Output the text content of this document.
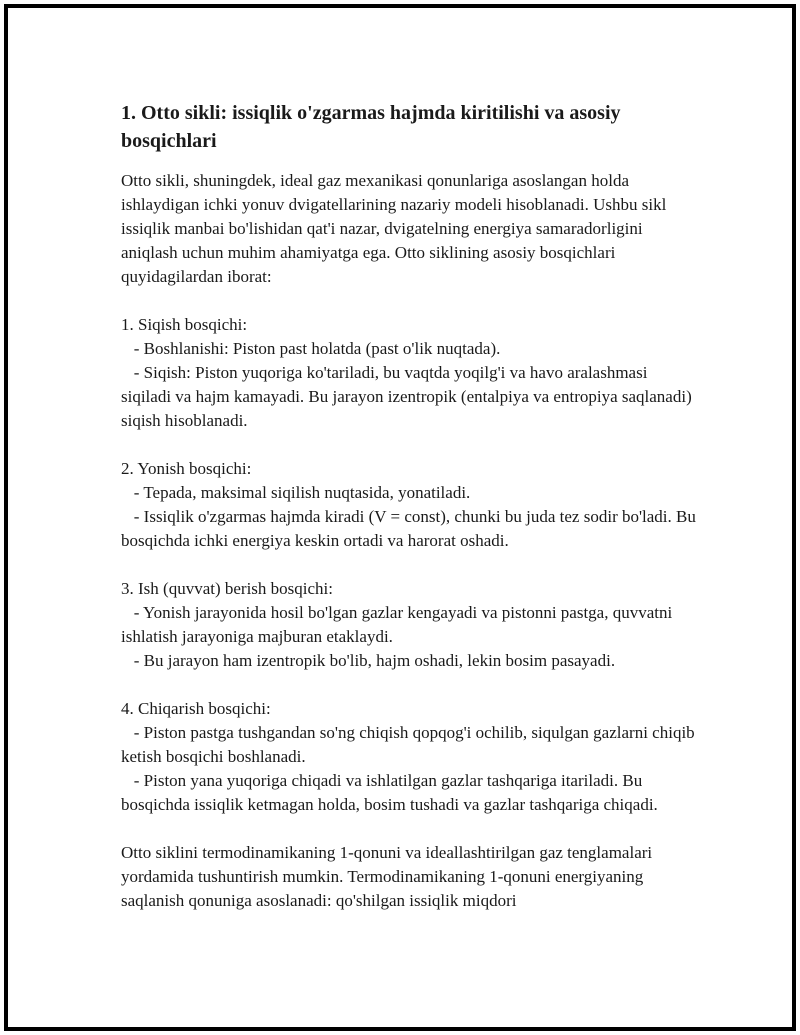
1. Otto sikli: issiqlik o'zgarmas hajmda kiritilishi va asosiy bosqichlari

Otto sikli, shuningdek, ideal gaz mexanikasi qonunlariga asoslangan holda ishlaydigan ichki yonuv dvigatellarining nazariy modeli hisoblanadi. Ushbu sikl issiqlik manbai bo'lishidan qat'i nazar, dvigatelning energiya samaradorligini aniqlash uchun muhim ahamiyatga ega. Otto siklining asosiy bosqichlari quyidagilardan iborat:

1. Siqish bosqichi:

- Boshlanishi: Piston past holatda (past o'lik nuqtada).

- Siqish: Piston yuqoriga ko'tariladi, bu vaqtda yoqilg'i va havo aralashmasi siqiladi va hajm kamayadi. Bu jarayon izentropik (entalpiya va entropiya saqlanadi) siqish hisoblanadi.

2. Yonish bosqichi:

- Tepada, maksimal siqilish nuqtasida, yonatiladi.

- Issiqlik o'zgarmas hajmda kiradi (V = const), chunki bu juda tez sodir bo'ladi. Bu bosqichda ichki energiya keskin ortadi va harorat oshadi.

3. Ish (quvvat) berish bosqichi:

- Yonish jarayonida hosil bo'lgan gazlar kengayadi va pistonni pastga, quvvatni ishlatish jarayoniga majburan etaklaydi.

- Bu jarayon ham izentropik bo'lib, hajm oshadi, lekin bosim pasayadi.

4. Chiqarish bosqichi:

- Piston pastga tushgandan so'ng chiqish qopqog'i ochilib, siqulgan gazlarni chiqib ketish bosqichi boshlanadi.

- Piston yana yuqoriga chiqadi va ishlatilgan gazlar tashqariga itariladi. Bu bosqichda issiqlik ketmagan holda, bosim tushadi va gazlar tashqariga chiqadi.

Otto siklini termodinamikaning 1-qonuni va ideallashtirilgan gaz tenglamalari yordamida tushuntirish mumkin. Termodinamikaning 1-qonuni energiyaning saqlanish qonuniga asoslanadi: qo'shilgan issiqlik miqdori
